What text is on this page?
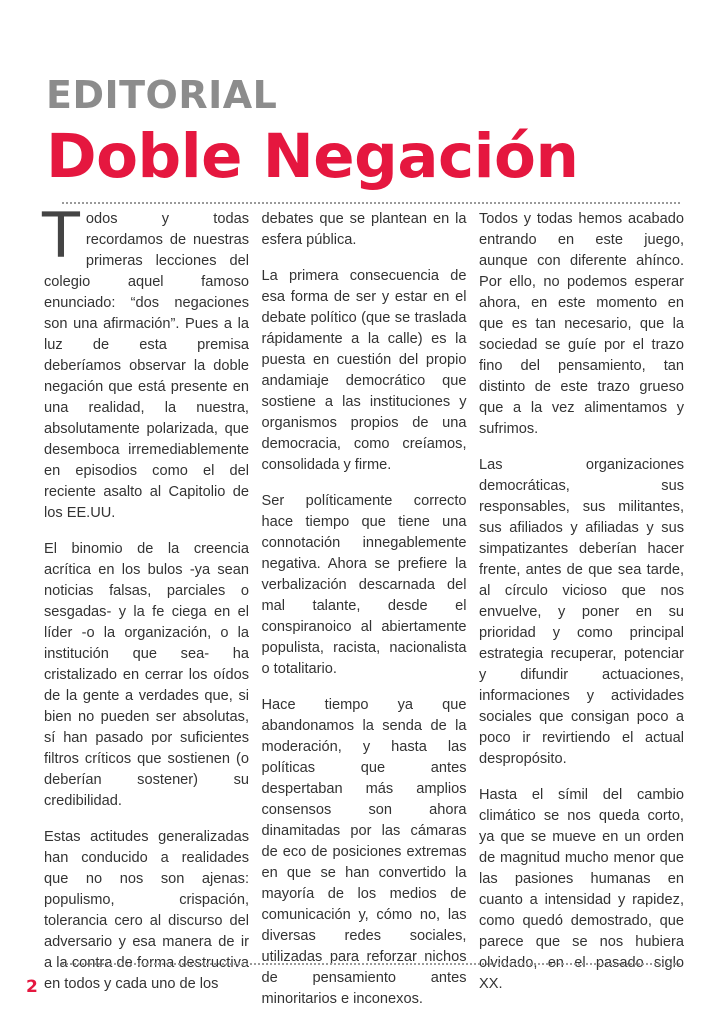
EDITORIAL
Doble Negación

Todos y todas recordamos de nuestras primeras lecciones del colegio aquel famoso enunciado: “dos negaciones son una afirmación”. Pues a la luz de esta premisa deberíamos observar la doble negación que está presente en una realidad, la nuestra, absolutamente polarizada, que desemboca irremediablemente en episodios como el del reciente asalto al Capitolio de los EE.UU.

El binomio de la creencia acrítica en los bulos -ya sean noticias falsas, parciales o sesgadas- y la fe ciega en el líder -o la organización, o la institución que sea- ha cristalizado en cerrar los oídos de la gente a verdades que, si bien no pueden ser absolutas, sí han pasado por suficientes filtros críticos que sostienen (o deberían sostener) su credibilidad.

Estas actitudes generalizadas han conducido a realidades que no nos son ajenas: populismo, crispación, tolerancia cero al discurso del adversario y esa manera de ir a la contra de forma destructiva en todos y cada uno de los

debates que se plantean en la esfera pública.

La primera consecuencia de esa forma de ser y estar en el debate político (que se traslada rápidamente a la calle) es la puesta en cuestión del propio andamiaje democrático que sostiene a las instituciones y organismos propios de una democracia, como creíamos, consolidada y firme.

Ser políticamente correcto hace tiempo que tiene una connotación innegablemente negativa. Ahora se prefiere la verbalización descarnada del mal talante, desde el conspiranoico al abiertamente populista, racista, nacionalista o totalitario.

Hace tiempo ya que abandonamos la senda de la moderación, y hasta las políticas que antes despertaban más amplios consensos son ahora dinamitadas por las cámaras de eco de posiciones extremas en que se han convertido la mayoría de los medios de comunicación y, cómo no, las diversas redes sociales, utilizadas para reforzar nichos de pensamiento antes minoritarios e inconexos.

Todos y todas hemos acabado entrando en este juego, aunque con diferente ahínco. Por ello, no podemos esperar ahora, en este momento en que es tan necesario, que la sociedad se guíe por el trazo fino del pensamiento, tan distinto de este trazo grueso que a la vez alimentamos y sufrimos.

Las organizaciones democráticas, sus responsables, sus militantes, sus afiliados y afiliadas y sus simpatizantes deberían hacer frente, antes de que sea tarde, al círculo vicioso que nos envuelve, y poner en su prioridad y como principal estrategia recuperar, potenciar y difundir actuaciones, informaciones y actividades sociales que consigan poco a poco ir revirtiendo el actual despropósito.

Hasta el símil del cambio climático se nos queda corto, ya que se mueve en un orden de magnitud mucho menor que las pasiones humanas en cuanto a intensidad y rapidez, como quedó demostrado, que parece que se nos hubiera olvidado, en el pasado siglo XX.

2
